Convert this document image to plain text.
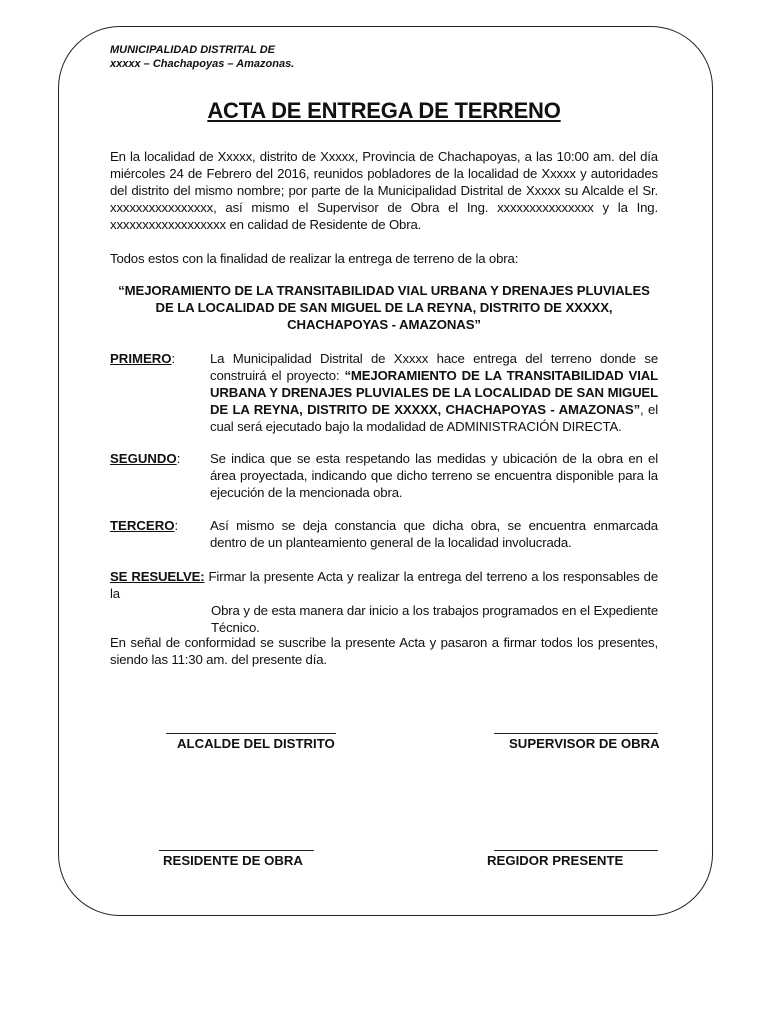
MUNICIPALIDAD DISTRITAL DE
xxxxx – Chachapoyas – Amazonas.
ACTA DE ENTREGA DE TERRENO
En la localidad de Xxxxx, distrito de Xxxxx, Provincia de Chachapoyas, a las 10:00 am. del día miércoles 24 de Febrero del 2016, reunidos pobladores de la localidad de Xxxxx y autoridades del distrito del mismo nombre; por parte de la Municipalidad Distrital de Xxxxx su Alcalde el Sr. xxxxxxxxxxxxxxxx, así mismo el Supervisor de Obra el Ing. xxxxxxxxxxxxxxx y la Ing. xxxxxxxxxxxxxxxxxx en calidad de Residente de Obra.
Todos estos con la finalidad de realizar la entrega de terreno de la obra:
“MEJORAMIENTO DE LA TRANSITABILIDAD VIAL URBANA Y DRENAJES PLUVIALES DE LA LOCALIDAD DE SAN MIGUEL DE LA REYNA, DISTRITO DE XXXXX, CHACHAPOYAS - AMAZONAS”
PRIMERO:	La Municipalidad Distrital de Xxxxx hace entrega del terreno donde se construirá el proyecto: “MEJORAMIENTO DE LA TRANSITABILIDAD VIAL URBANA Y DRENAJES PLUVIALES DE LA LOCALIDAD DE SAN MIGUEL DE LA REYNA, DISTRITO DE XXXXX, CHACHAPOYAS - AMAZONAS”, el cual será ejecutado bajo la modalidad de ADMINISTRACIÓN DIRECTA.
SEGUNDO: Se indica que se esta respetando las medidas y ubicación de la obra en el área proyectada, indicando que dicho terreno se encuentra disponible para la ejecución de la mencionada obra.
TERCERO: Así mismo se deja constancia que dicha obra, se encuentra enmarcada dentro de un planteamiento general de la localidad involucrada.
SE RESUELVE: Firmar la presente Acta y realizar la entrega del terreno a los responsables de la
Obra y de esta manera dar inicio a los trabajos programados en el Expediente Técnico.
En señal de conformidad se suscribe la presente Acta y pasaron a firmar todos los presentes, siendo las 11:30 am. del presente día.
ALCALDE DEL DISTRITO	SUPERVISOR DE OBRA
RESIDENTE DE OBRA	REGIDOR PRESENTE
